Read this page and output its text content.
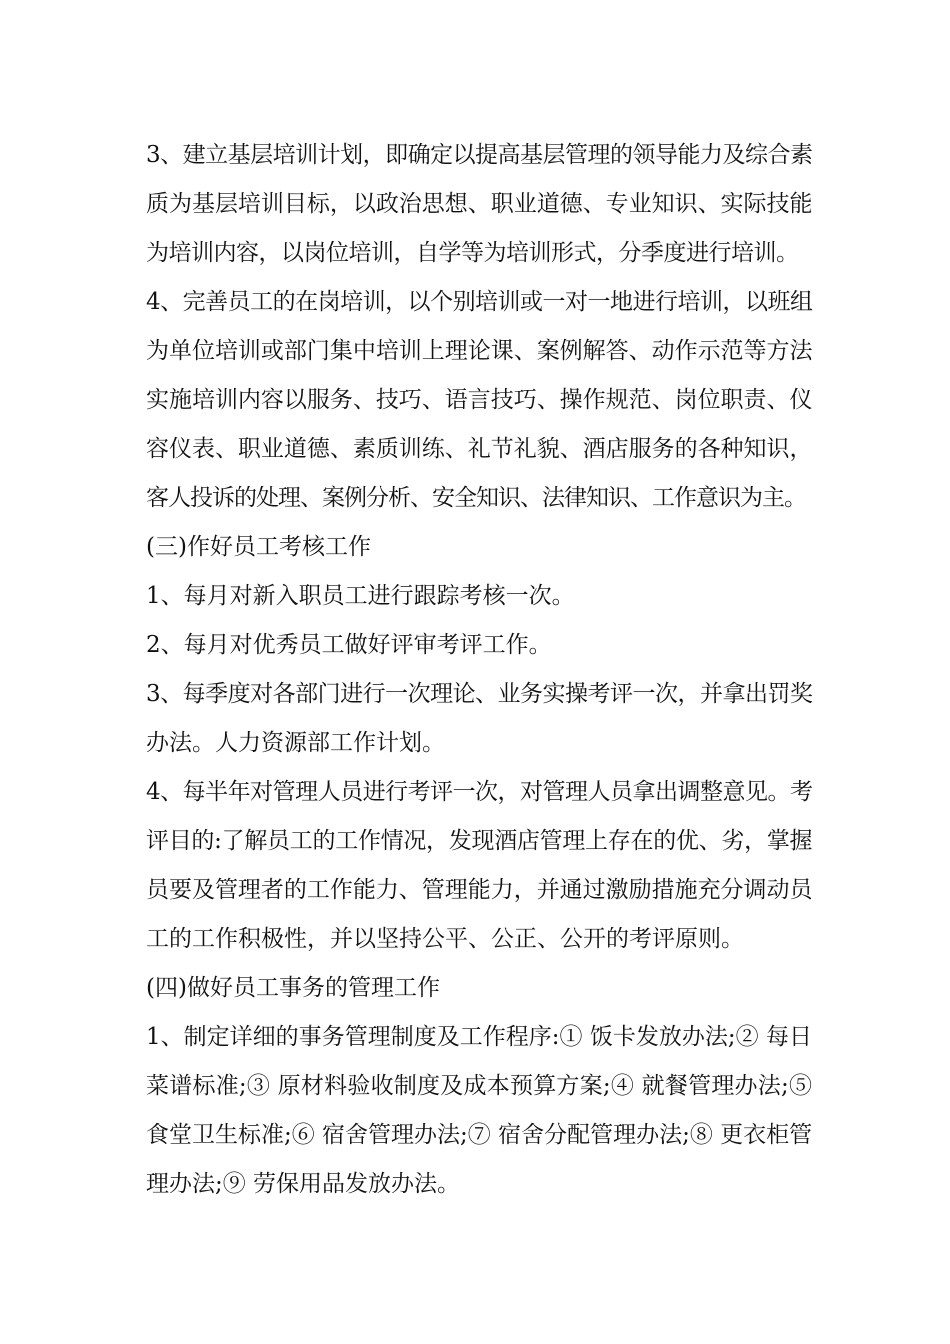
3、建立基层培训计划，即确定以提高基层管理的领导能力及综合素
质为基层培训目标，以政治思想、职业道德、专业知识、实际技能
为培训内容，以岗位培训，自学等为培训形式，分季度进行培训。
4、完善员工的在岗培训，以个别培训或一对一地进行培训，以班组
为单位培训或部门集中培训上理论课、案例解答、动作示范等方法
实施培训内容以服务、技巧、语言技巧、操作规范、岗位职责、仪
容仪表、职业道德、素质训练、礼节礼貌、酒店服务的各种知识，
客人投诉的处理、案例分析、安全知识、法律知识、工作意识为主。
(三)作好员工考核工作
1、每月对新入职员工进行跟踪考核一次。
2、每月对优秀员工做好评审考评工作。
3、每季度对各部门进行一次理论、业务实操考评一次，并拿出罚奖
办法。人力资源部工作计划。
4、每半年对管理人员进行考评一次，对管理人员拿出调整意见。考
评目的:了解员工的工作情况，发现酒店管理上存在的优、劣，掌握
员要及管理者的工作能力、管理能力，并通过激励措施充分调动员
工的工作积极性，并以坚持公平、公正、公开的考评原则。
(四)做好员工事务的管理工作
1、制定详细的事务管理制度及工作程序:① 饭卡发放办法;② 每日
菜谱标准;③ 原材料验收制度及成本预算方案;④ 就餐管理办法;⑤
食堂卫生标准;⑥ 宿舍管理办法;⑦ 宿舍分配管理办法;⑧ 更衣柜管
理办法;⑨ 劳保用品发放办法。
